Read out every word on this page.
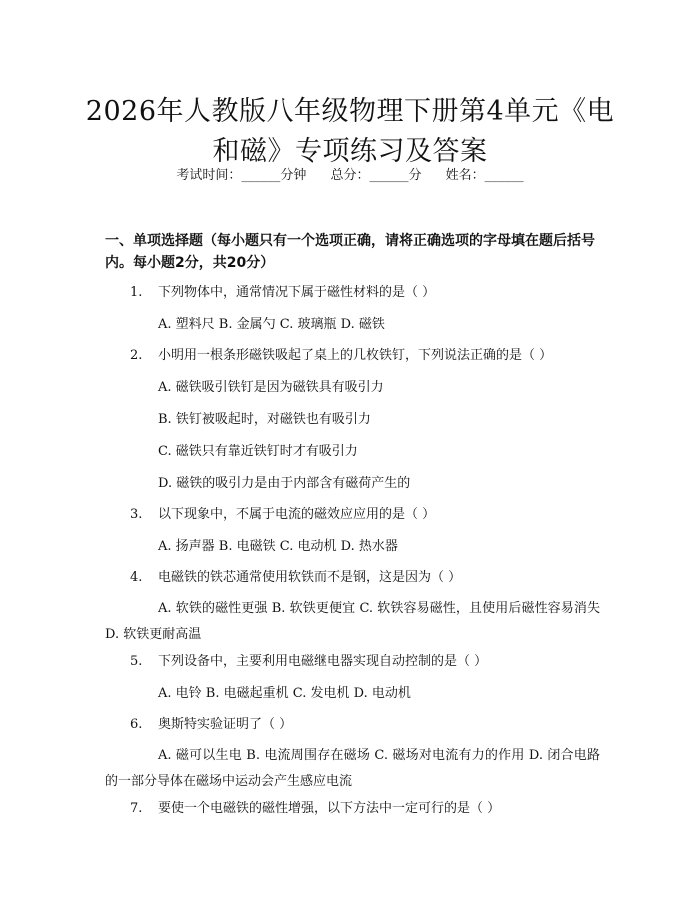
2026年人教版八年级物理下册第4单元《电和磁》专项练习及答案
考试时间：______分钟 总分：______分 姓名：______
一、单项选择题（每小题只有一个选项正确，请将正确选项的字母填在题后括号内。每小题2分，共20分）
1. 下列物体中，通常情况下属于磁性材料的是（ ）
A. 塑料尺 B. 金属勺 C. 玻璃瓶 D. 磁铁
2. 小明用一根条形磁铁吸起了桌上的几枚铁钉，下列说法正确的是（ ）
A. 磁铁吸引铁钉是因为磁铁具有吸引力
B. 铁钉被吸起时，对磁铁也有吸引力
C. 磁铁只有靠近铁钉时才有吸引力
D. 磁铁的吸引力是由于内部含有磁荷产生的
3. 以下现象中，不属于电流的磁效应应用的是（ ）
A. 扬声器 B. 电磁铁 C. 电动机 D. 热水器
4. 电磁铁的铁芯通常使用软铁而不是钢，这是因为（ ）
A. 软铁的磁性更强 B. 软铁更便宜 C. 软铁容易磁性，且使用后磁性容易消失 D. 软铁更耐高温
5. 下列设备中，主要利用电磁继电器实现自动控制的是（ ）
A. 电铃 B. 电磁起重机 C. 发电机 D. 电动机
6. 奥斯特实验证明了（ ）
A. 磁可以生电 B. 电流周围存在磁场 C. 磁场对电流有力的作用 D. 闭合电路的一部分导体在磁场中运动会产生感应电流
7. 要使一个电磁铁的磁性增强，以下方法中一定可行的是（ ）
